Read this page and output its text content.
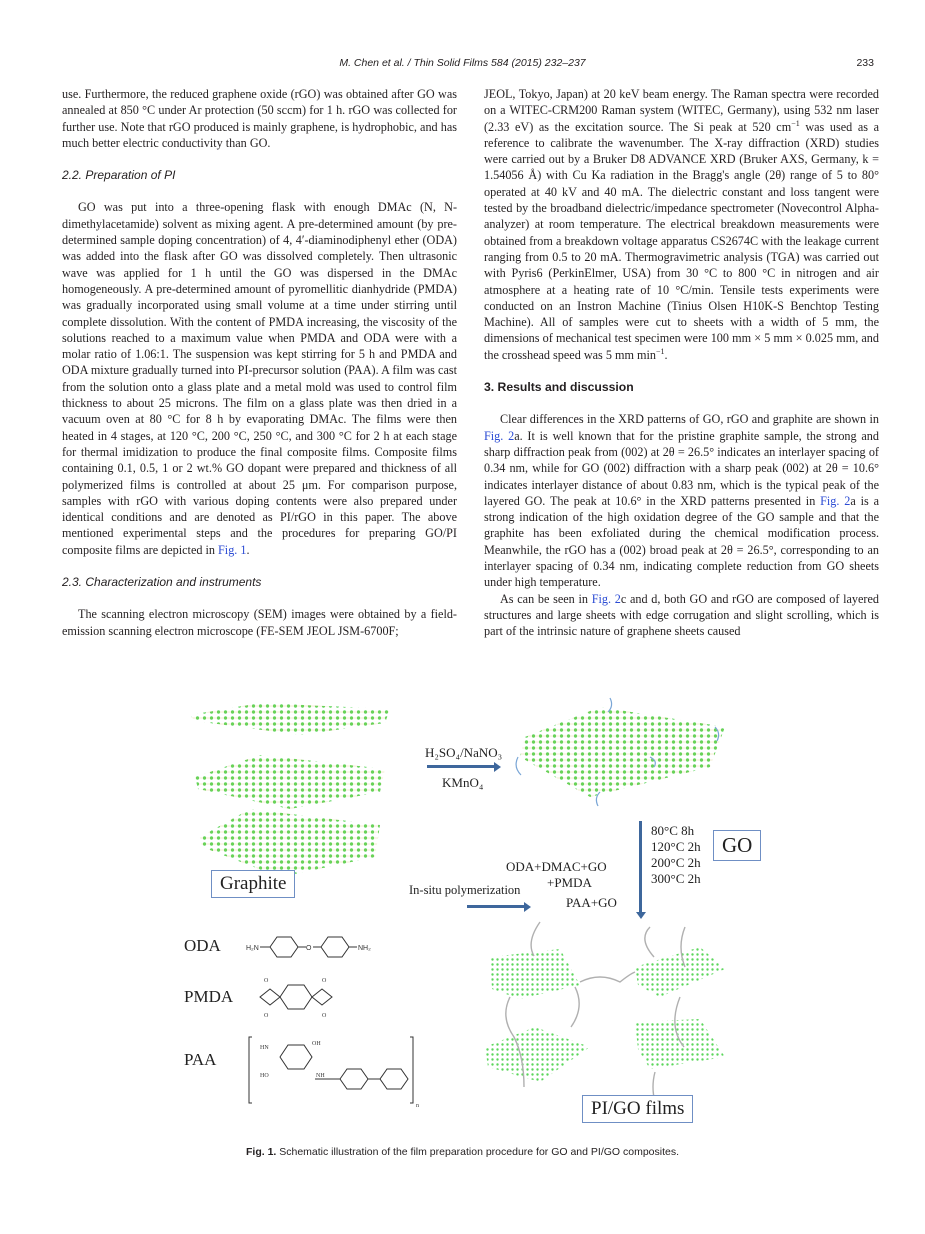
M. Chen et al. / Thin Solid Films 584 (2015) 232–237	233

use. Furthermore, the reduced graphene oxide (rGO) was obtained after GO was annealed at 850 °C under Ar protection (50 sccm) for 1 h. rGO was collected for further use. Note that rGO produced is mainly graphene, is hydrophobic, and has much better electric conductivity than GO.

2.2. Preparation of PI

GO was put into a three-opening flask with enough DMAc (N, N-dimethylacetamide) solvent as mixing agent. A pre-determined amount (by pre-determined sample doping concentration) of 4, 4′-diaminodiphenyl ether (ODA) was added into the flask after GO was dissolved completely. Then ultrasonic wave was applied for 1 h until the GO was dispersed in the DMAc homogeneously. A pre-determined amount of pyromellitic dianhydride (PMDA) was gradually incorporated using small volume at a time under stirring until complete dissolution. With the content of PMDA increasing, the viscosity of the solutions reached to a maximum value when PMDA and ODA were with a molar ratio of 1.06:1. The suspension was kept stirring for 5 h and PMDA and ODA mixture gradually turned into PI-precursor solution (PAA). A film was cast from the solution onto a glass plate and a metal mold was used to control film thickness to about 25 microns. The film on a glass plate was then dried in a vacuum oven at 80 °C for 8 h by evaporating DMAc. The films were then heated in 4 stages, at 120 °C, 200 °C, 250 °C, and 300 °C for 2 h at each stage for thermal imidization to produce the final composite films. Composite films containing 0.1, 0.5, 1 or 2 wt.% GO dopant were prepared and thickness of all polymerized films is controlled at about 25 μm. For comparison purpose, samples with rGO with various doping contents were also prepared under identical conditions and are denoted as PI/rGO in this paper. The above mentioned experimental steps and the procedures for preparing GO/PI composite films are depicted in Fig. 1.

2.3. Characterization and instruments

The scanning electron microscopy (SEM) images were obtained by a field-emission scanning electron microscope (FE-SEM JEOL JSM-6700F;

JEOL, Tokyo, Japan) at 20 keV beam energy. The Raman spectra were recorded on a WITEC-CRM200 Raman system (WITEC, Germany), using 532 nm laser (2.33 eV) as the excitation source. The Si peak at 520 $cm^{-1}$ was used as a reference to calibrate the wavenumber. The X-ray diffraction (XRD) studies were carried out by a Bruker D8 ADVANCE XRD (Bruker AXS, Germany, k = 1.54056 Å) with Cu Ka radiation in the Bragg's angle (2θ) range of 5 to 80° operated at 40 kV and 40 mA. The dielectric constant and loss tangent were tested by the broadband dielectric/impedance spectrometer (Novecontrol Alpha-analyzer) at room temperature. The electrical breakdown measurements were obtained from a breakdown voltage apparatus CS2674C with the leakage current ranging from 0.5 to 20 mA. Thermogravimetric analysis (TGA) was carried out with Pyris6 (PerkinElmer, USA) from 30 °C to 800 °C in nitrogen and air atmosphere at a heating rate of 10 °C/min. Tensile tests experiments were conducted on an Instron Machine (Tinius Olsen H10K-S Benchtop Testing Machine). All of samples were cut to sheets with a width of 5 mm, the dimensions of mechanical test specimen were 100 mm × 5 mm × 0.025 mm, and the crosshead speed was 5 mm $\min^{-1}$.

3. Results and discussion

Clear differences in the XRD patterns of GO, rGO and graphite are shown in Fig. 2a. It is well known that for the pristine graphite sample, the strong and sharp diffraction peak from (002) at 2θ = 26.5° indicates an interlayer spacing of 0.34 nm, while for GO (002) diffraction with a sharp peak (002) at 2θ = 10.6° indicates interlayer distance of about 0.83 nm, which is the typical peak of the layered GO. The peak at 10.6° in the XRD patterns presented in Fig. 2a is a strong indication of the high oxidation degree of the GO sample and that the graphite has been exfoliated during the chemical modification process. Meanwhile, the rGO has a (002) broad peak at 2θ = 26.5°, corresponding to an interlayer spacing of 0.34 nm, indicating complete reduction from GO sheets under high temperature.

As can be seen in Fig. 2c and d, both GO and rGO are composed of layered structures and large sheets with edge corrugation and slight scrolling, which is part of the intrinsic nature of graphene sheets caused

H₂N	O	NH₂
O
O
O
O
HN
OH
HO	NH
n
Graphite
GO
PI/GO films
H₂SO₄/NaNO₃
KMnO₄
In-situ polymerization
ODA+DMAC+GO
+PMDA
PAA+GO
80°C 8h
120°C 2h
200°C 2h
300°C 2h
ODA
PMDA
PAA
Fig. 1. Schematic illustration of the film preparation procedure for GO and PI/GO composites.
